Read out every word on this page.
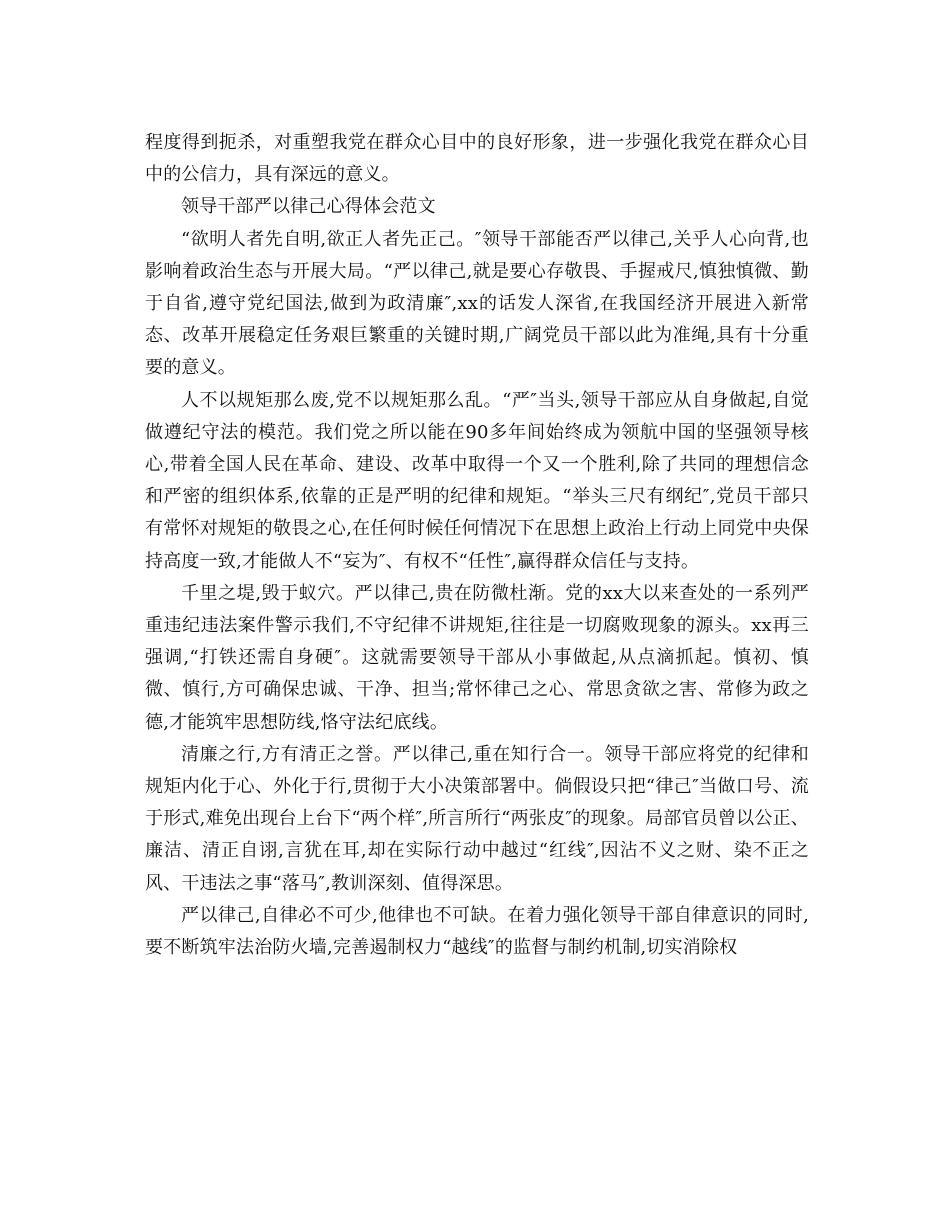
程度得到扼杀，对重塑我党在群众心目中的良好形象，进一步强化我党在群众心目中的公信力，具有深远的意义。

领导干部严以律己心得体会范文

“欲明人者先自明,欲正人者先正己。″领导干部能否严以律己,关乎人心向背,也影响着政治生态与开展大局。“严以律己,就是要心存敬畏、手握戒尺,慎独慎微、勤于自省,遵守党纪国法,做到为政清廉″,xx的话发人深省,在我国经济开展进入新常态、改革开展稳定任务艰巨繁重的关键时期,广阔党员干部以此为准绳,具有十分重要的意义。

人不以规矩那么废,党不以规矩那么乱。“严″当头,领导干部应从自身做起,自觉做遵纪守法的模范。我们党之所以能在90多年间始终成为领航中国的坚强领导核心,带着全国人民在革命、建设、改革中取得一个又一个胜利,除了共同的理想信念和严密的组织体系,依靠的正是严明的纪律和规矩。“举头三尺有纲纪″,党员干部只有常怀对规矩的敬畏之心,在任何时候任何情况下在思想上政治上行动上同党中央保持高度一致,才能做人不“妄为″、有权不“任性″,赢得群众信任与支持。

千里之堤,毁于蚁穴。严以律己,贵在防微杜渐。党的xx大以来查处的一系列严重违纪违法案件警示我们,不守纪律不讲规矩,往往是一切腐败现象的源头。xx再三强调,“打铁还需自身硬″。这就需要领导干部从小事做起,从点滴抓起。慎初、慎微、慎行,方可确保忠诚、干净、担当;常怀律己之心、常思贪欲之害、常修为政之德,才能筑牢思想防线,恪守法纪底线。

清廉之行,方有清正之誉。严以律己,重在知行合一。领导干部应将党的纪律和规矩内化于心、外化于行,贯彻于大小决策部署中。倘假设只把“律己″当做口号、流于形式,难免出现台上台下“两个样″,所言所行“两张皮″的现象。局部官员曾以公正、廉洁、清正自诩,言犹在耳,却在实际行动中越过“红线″,因沾不义之财、染不正之风、干违法之事“落马″,教训深刻、值得深思。

严以律己,自律必不可少,他律也不可缺。在着力强化领导干部自律意识的同时,要不断筑牢法治防火墙,完善遏制权力“越线″的监督与制约机制,切实消除权
